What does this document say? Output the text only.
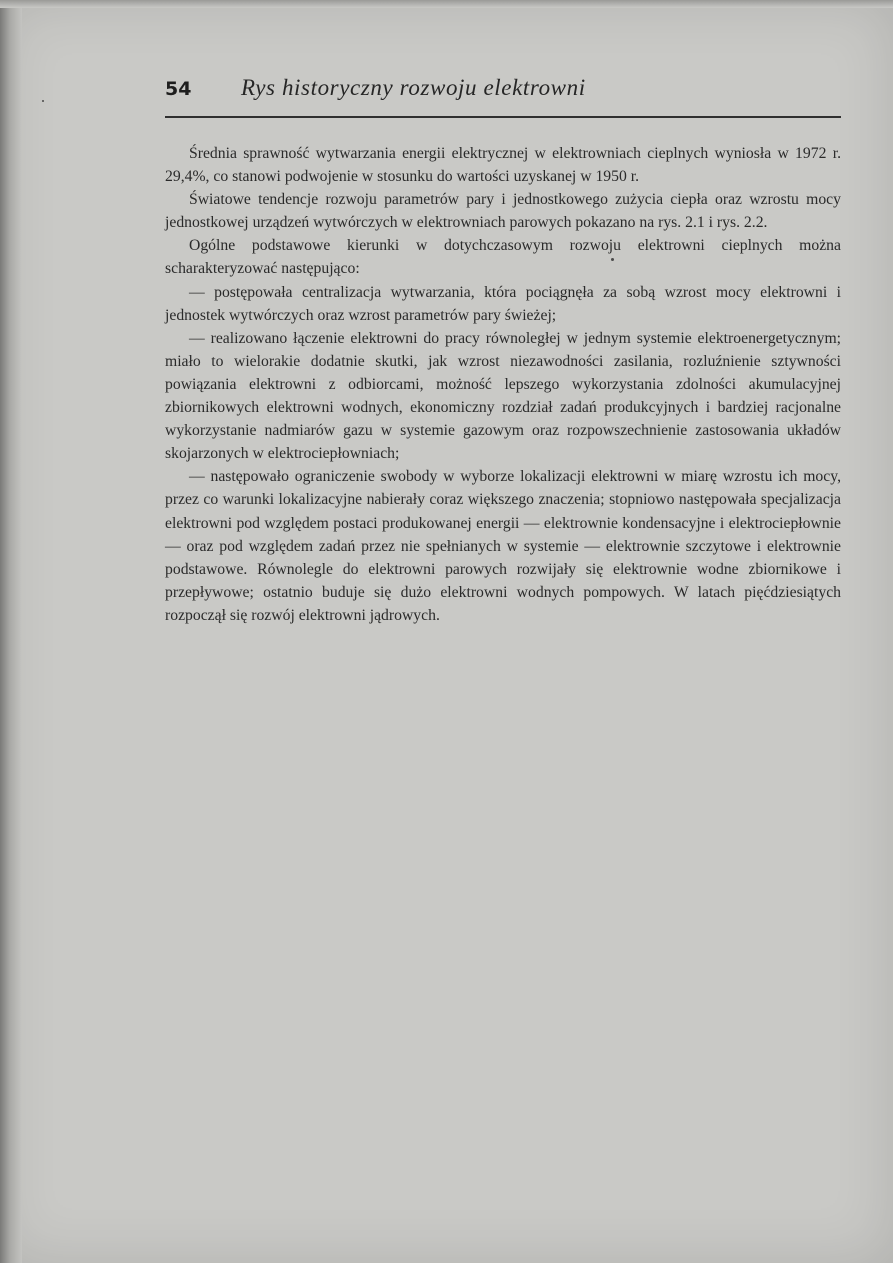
54 Rys historyczny rozwoju elektrowni

Średnia sprawność wytwarzania energii elektrycznej w elektrowniach cieplnych wyniosła w 1972 r. 29,4%, co stanowi podwojenie w stosunku do wartości uzyskanej w 1950 r.

Światowe tendencje rozwoju parametrów pary i jednostkowego zużycia ciepła oraz wzrostu mocy jednostkowej urządzeń wytwórczych w elektrowniach parowych pokazano na rys. 2.1 i rys. 2.2.

Ogólne podstawowe kierunki w dotychczasowym rozwoju elektrowni cieplnych można scharakteryzować następująco:

— postępowała centralizacja wytwarzania, która pociągnęła za sobą wzrost mocy elektrowni i jednostek wytwórczych oraz wzrost parametrów pary świeżej;

— realizowano łączenie elektrowni do pracy równoległej w jednym systemie elektroenergetycznym; miało to wielorakie dodatnie skutki, jak wzrost niezawodności zasilania, rozluźnienie sztywności powiązania elektrowni z odbiorcami, możność lepszego wykorzystania zdolności akumulacyjnej zbiornikowych elektrowni wodnych, ekonomiczny rozdział zadań produkcyjnych i bardziej racjonalne wykorzystanie nadmiarów gazu w systemie gazowym oraz rozpowszechnienie zastosowania układów skojarzonych w elektrociepłowniach;

— następowało ograniczenie swobody w wyborze lokalizacji elektrowni w miarę wzrostu ich mocy, przez co warunki lokalizacyjne nabierały coraz większego znaczenia; stopniowo następowała specjalizacja elektrowni pod względem postaci produkowanej energii — elektrownie kondensacyjne i elektrociepłownie — oraz pod względem zadań przez nie spełnianych w systemie — elektrownie szczytowe i elektrownie podstawowe. Równolegle do elektrowni parowych rozwijały się elektrownie wodne zbiornikowe i przepływowe; ostatnio buduje się dużo elektrowni wodnych pompowych. W latach pięćdziesiątych rozpoczął się rozwój elektrowni jądrowych.
